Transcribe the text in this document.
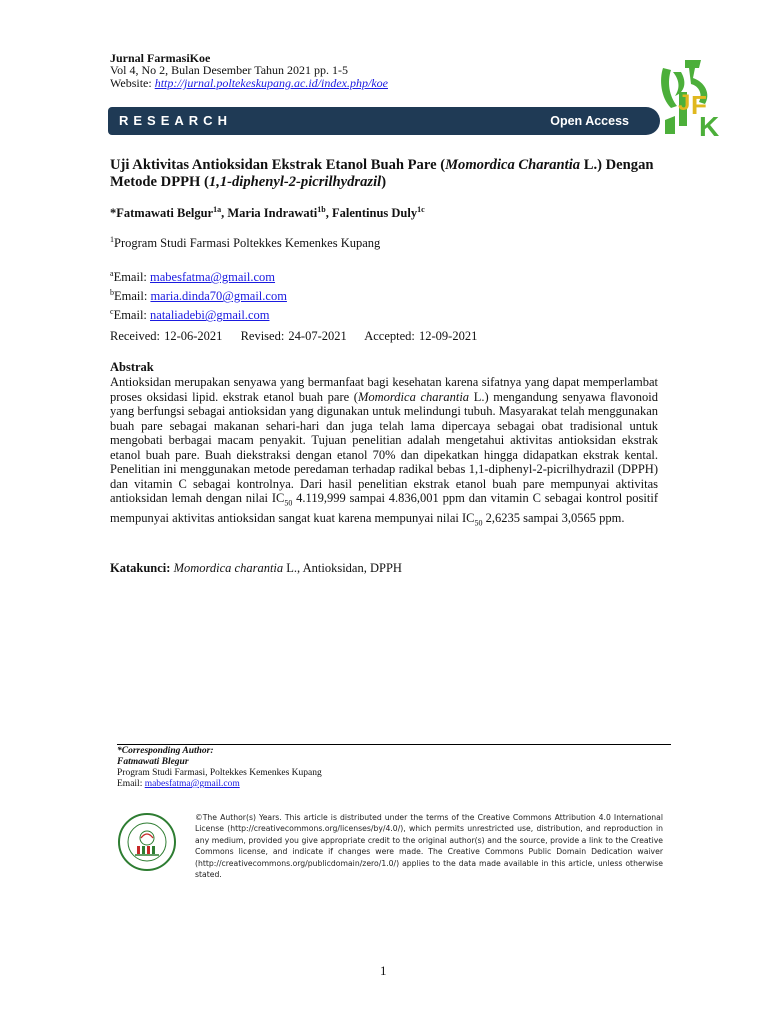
Jurnal FarmasiKoe
Vol 4, No 2, Bulan Desember Tahun 2021 pp. 1-5
Website: http://jurnal.poltekeskupang.ac.id/index.php/koe
J F
K
RESEARCH	Open Access
Uji Aktivitas Antioksidan Ekstrak Etanol Buah Pare (Momordica Charantia L.) Dengan Metode DPPH (1,1-diphenyl-2-picrilhydrazil)
*Fatmawati Belgur$^{1a}$, Maria Indrawati$^{1b}$, Falentinus Duly$^{1c}$
$^1$Program Studi Farmasi Poltekkes Kemenkes Kupang
$^a$Email: mabesfatma@gmail.com
$^b$Email: maria.dinda70@gmail.com
$^c$Email: nataliadebi@gmail.com
Received: 12-06-2021 Revised: 24-07-2021 Accepted: 12-09-2021
Abstrak
Antioksidan merupakan senyawa yang bermanfaat bagi kesehatan karena sifatnya yang dapat memperlambat proses oksidasi lipid. ekstrak etanol buah pare (Momordica charantia L.) mengandung senyawa flavonoid yang berfungsi sebagai antioksidan yang digunakan untuk melindungi tubuh. Masyarakat telah menggunakan buah pare sebagai makanan sehari-hari dan juga telah lama dipercaya sebagai obat tradisional untuk mengobati berbagai macam penyakit. Tujuan penelitian adalah mengetahui aktivitas antioksidan ekstrak etanol buah pare. Buah diekstraksi dengan etanol 70% dan dipekatkan hingga didapatkan ekstrak kental. Penelitian ini menggunakan metode peredaman terhadap radikal bebas 1,1-diphenyl-2-picrilhydrazil (DPPH) dan vitamin C sebagai kontrolnya. Dari hasil penelitian ekstrak etanol buah pare mempunyai aktivitas antioksidan lemah dengan nilai $IC_{50}$ 4.119,999 sampai 4.836,001 ppm dan vitamin C sebagai kontrol positif mempunyai aktivitas antioksidan sangat kuat karena mempunyai nilai $IC_{50}$ 2,6235 sampai 3,0565 ppm.
Katakunci: Momordica charantia L., Antioksidan, DPPH
*Corresponding Author:
Fatmawati Blegur
Program Studi Farmasi, Poltekkes Kemenkes Kupang
Email: mabesfatma@gmail.com
©The Author(s) Years. This article is distributed under the terms of the Creative Commons Attribution 4.0 International License (http://creativecommons.org/licenses/by/4.0/), which permits unrestricted use, distribution, and reproduction in any medium, provided you give appropriate credit to the original author(s) and the source, provide a link to the Creative Commons license, and indicate if changes were made. The Creative Commons Public Domain Dedication waiver (http://creativecommons.org/publicdomain/zero/1.0/) applies to the data made available in this article, unless otherwise stated.
1
